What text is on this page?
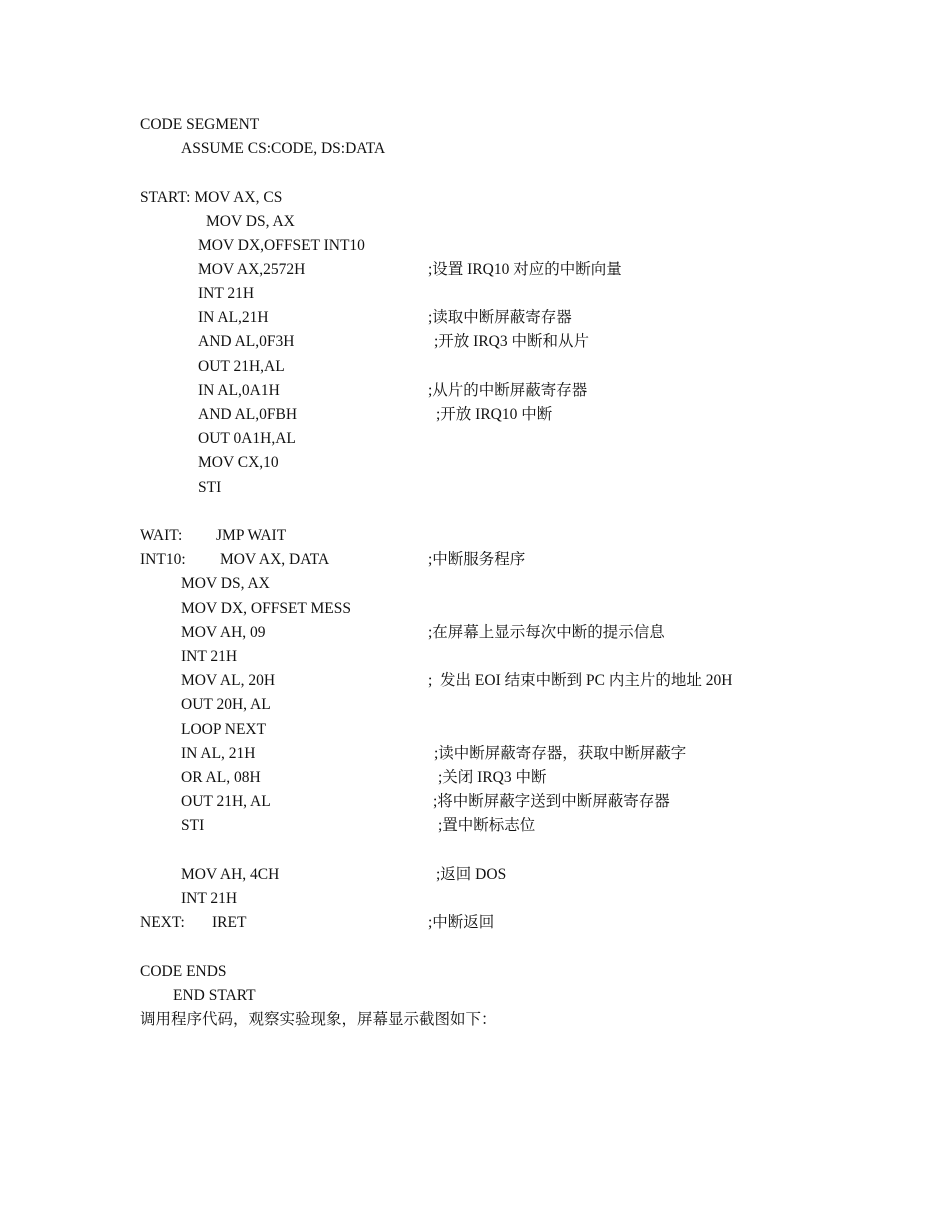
CODE SEGMENT
ASSUME CS:CODE, DS:DATA
START: MOV AX, CS
MOV DS, AX
MOV DX,OFFSET INT10
MOV AX,2572H	;设置 IRQ10 对应的中断向量
INT 21H
IN AL,21H	;读取中断屏蔽寄存器
AND AL,0F3H	;开放 IRQ3 中断和从片
OUT 21H,AL
IN AL,0A1H	;从片的中断屏蔽寄存器
AND AL,0FBH	;开放 IRQ10 中断
OUT 0A1H,AL
MOV CX,10
STI
WAIT: JMP WAIT
INT10: MOV AX, DATA	;中断服务程序
MOV DS, AX
MOV DX, OFFSET MESS
MOV AH, 09	;在屏幕上显示每次中断的提示信息
INT 21H
MOV AL, 20H	;  发出 EOI 结束中断到 PC 内主片的地址 20H
OUT 20H, AL
LOOP NEXT
IN AL, 21H	;读中断屏蔽寄存器，获取中断屏蔽字
OR AL, 08H	;关闭 IRQ3 中断
OUT 21H, AL	;将中断屏蔽字送到中断屏蔽寄存器
STI	;置中断标志位
MOV AH, 4CH	;返回 DOS
INT 21H
NEXT: IRET	;中断返回
CODE ENDS
END START
调用程序代码，观察实验现象，屏幕显示截图如下：
